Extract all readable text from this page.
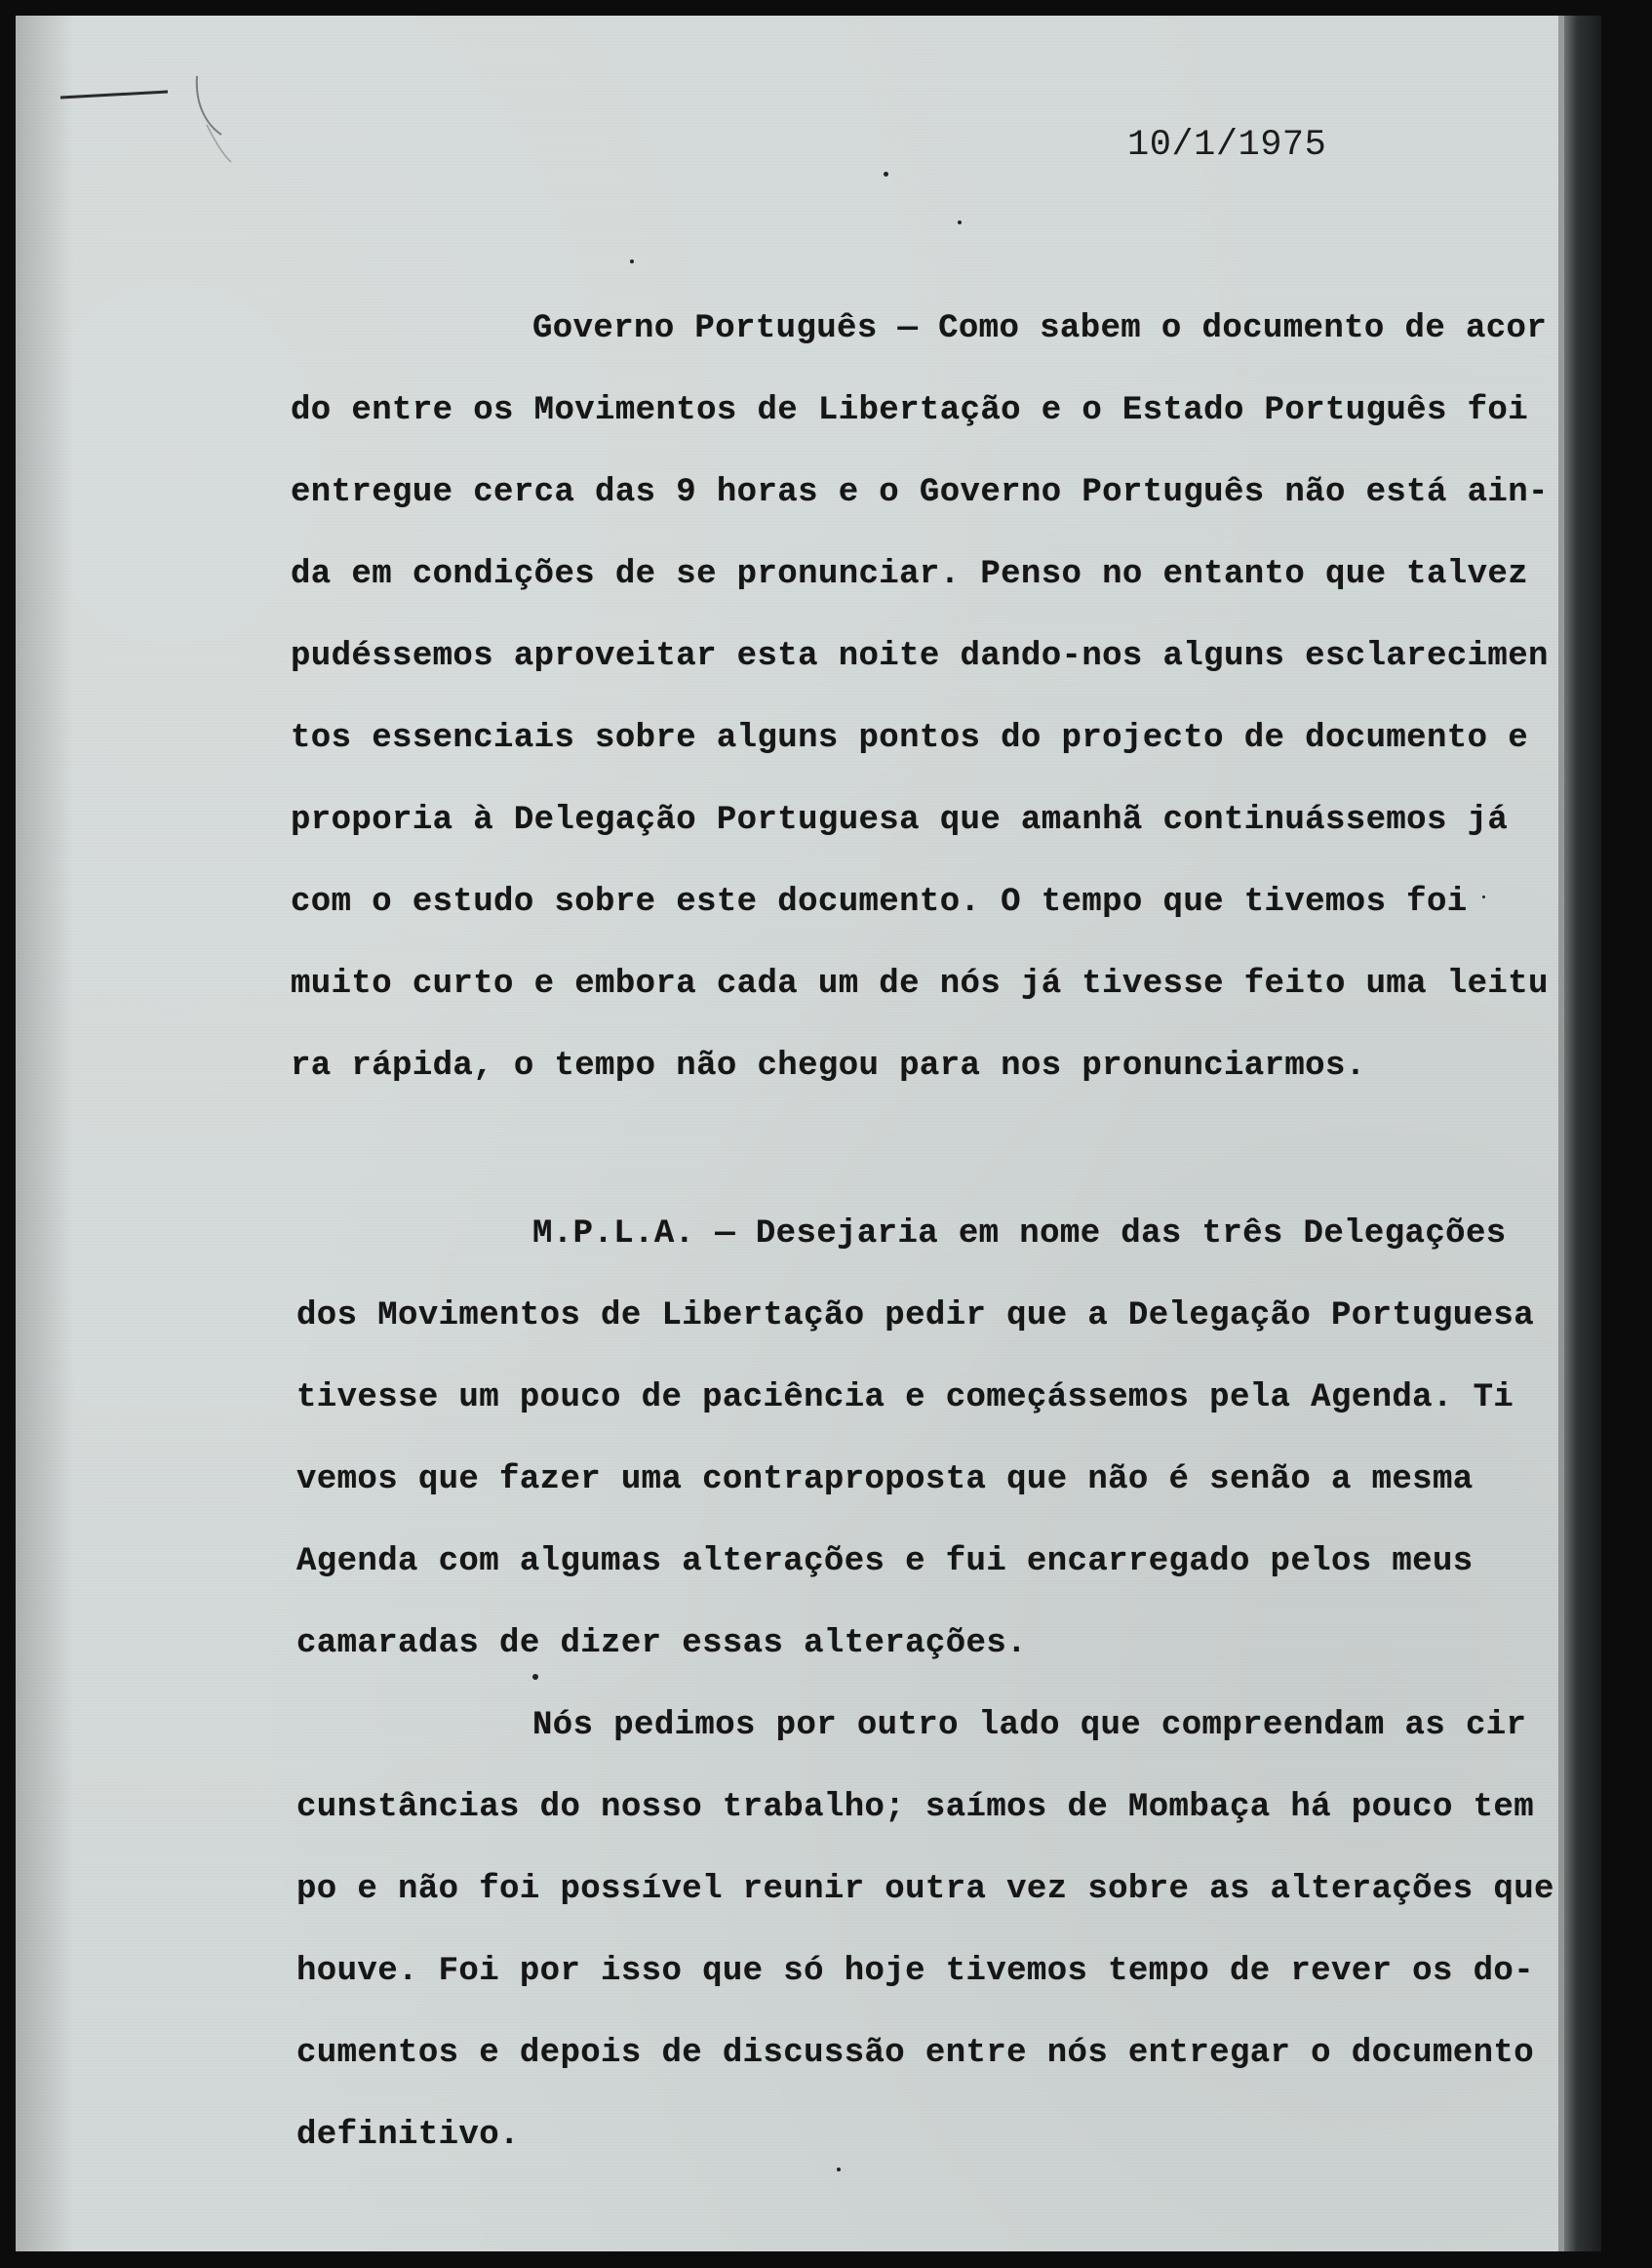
10/1/1975
Governo Português — Como sabem o documento de acor
do entre os Movimentos de Libertação e o Estado Português foi
entregue cerca das 9 horas e o Governo Português não está ain-
da em condições de se pronunciar. Penso no entanto que talvez
pudéssemos aproveitar esta noite dando-nos alguns esclarecimen
tos essenciais sobre alguns pontos do projecto de documento e
proporia à Delegação Portuguesa que amanhã continuássemos já
com o estudo sobre este documento. O tempo que tivemos foi
muito curto e embora cada um de nós já tivesse feito uma leitu
ra rápida, o tempo não chegou para nos pronunciarmos.
M.P.L.A. — Desejaria em nome das três Delegações
dos Movimentos de Libertação pedir que a Delegação Portuguesa
tivesse um pouco de paciência e começássemos pela Agenda. Ti
vemos que fazer uma contraproposta que não é senão a mesma
Agenda com algumas alterações e fui encarregado pelos meus
camaradas de dizer essas alterações.
Nós pedimos por outro lado que compreendam as cir
cunstâncias do nosso trabalho; saímos de Mombaça há pouco tem
po e não foi possível reunir outra vez sobre as alterações que
houve. Foi por isso que só hoje tivemos tempo de rever os do-
cumentos e depois de discussão entre nós entregar o documento
definitivo.
